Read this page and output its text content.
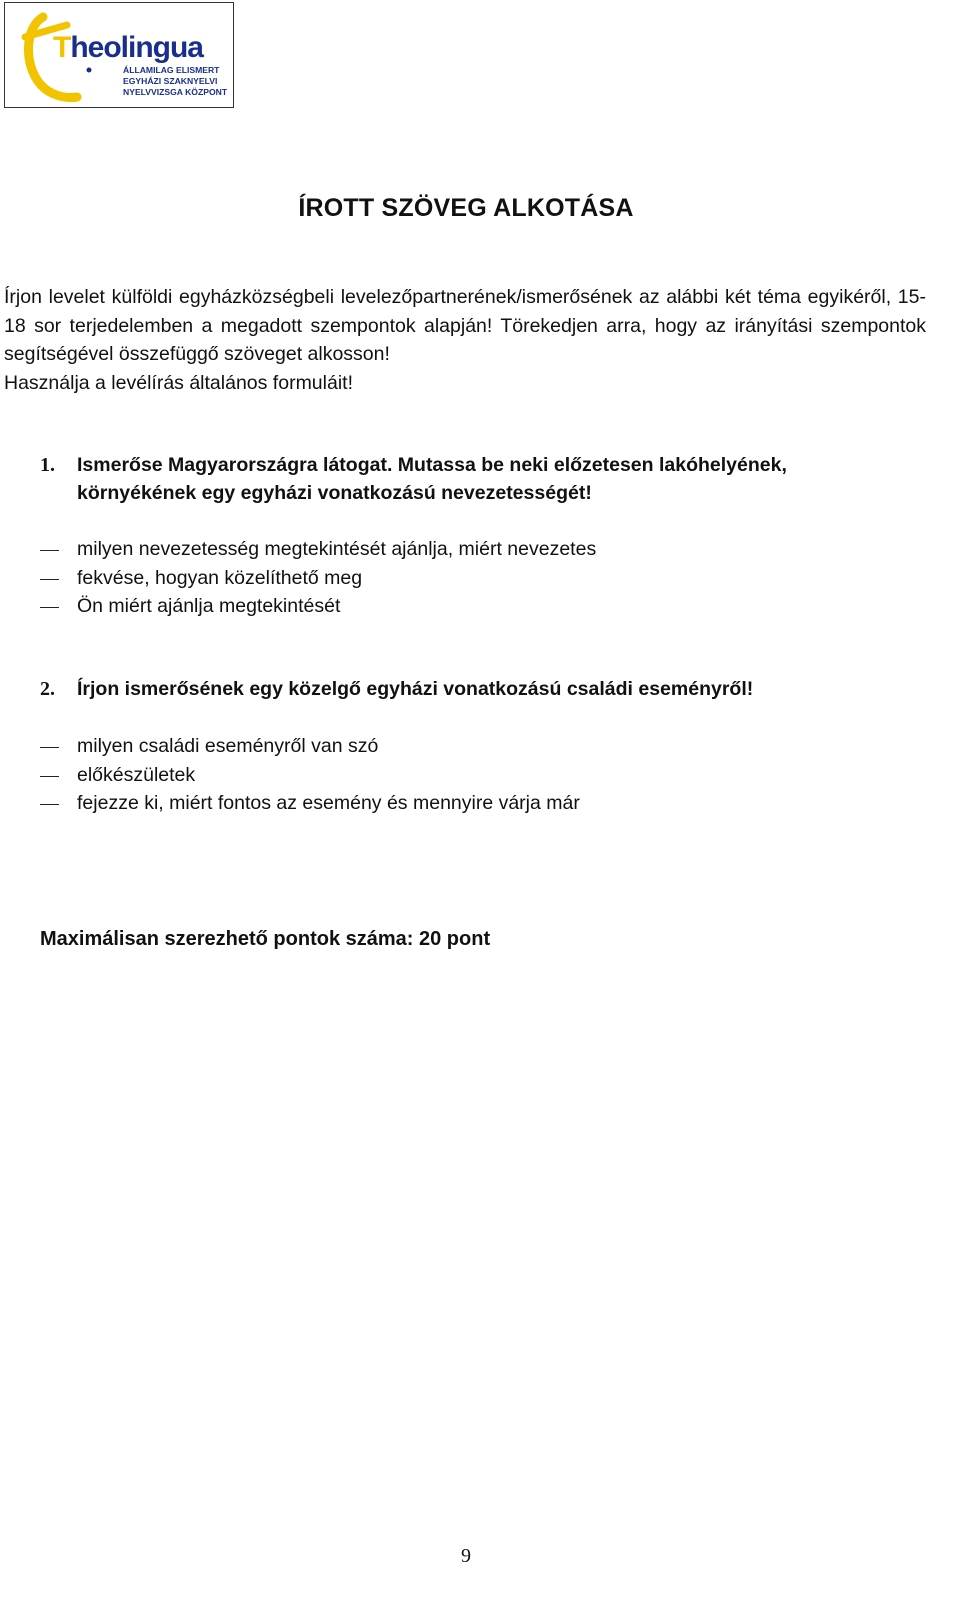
Theolingua
ÁLLAMILAG ELISMERT
EGYHÁZI SZAKNYELVI
NYELVVIZSGA KÖZPONT
ÍROTT SZÖVEG ALKOTÁSA

Írjon levelet külföldi egyházközségbeli levelezőpartnerének/ismerősének az alábbi két téma egyikéről, 15-18 sor terjedelemben a megadott szempontok alapján! Törekedjen arra, hogy az irányítási szempontok segítségével összefüggő szöveget alkosson!

Használja a levélírás általános formuláit!

1. Ismerőse Magyarországra látogat. Mutassa be neki előzetesen lakóhelyének, környékének egy egyházi vonatkozású nevezetességét!
milyen nevezetesség megtekintését ajánlja, miért nevezetes
fekvése, hogyan közelíthető meg
Ön miért ajánlja megtekintését
2. Írjon ismerősének egy közelgő egyházi vonatkozású családi eseményről!
milyen családi eseményről van szó
előkészületek
fejezze ki, miért fontos az esemény és mennyire várja már
Maximálisan szerezhető pontok száma: 20 pont
9
